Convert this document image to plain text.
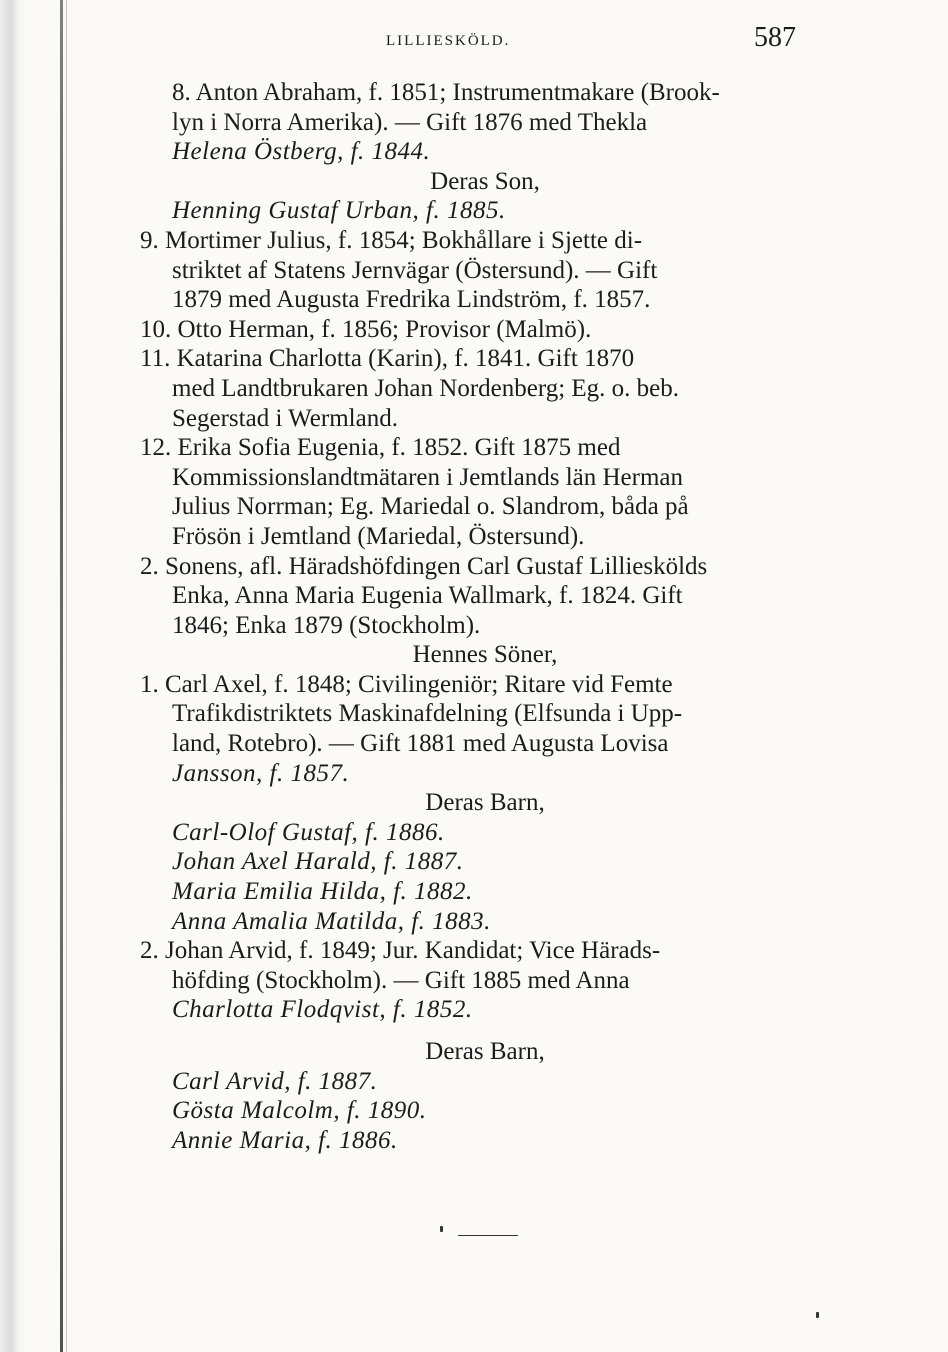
LILLIESKÖLD.	587

8. Anton Abraham, f. 1851; Instrumentmakare (Brook-

lyn i Norra Amerika). — Gift 1876 med Thekla

Helena Östberg, f. 1844.

Deras Son,

Henning Gustaf Urban, f. 1885.

9. Mortimer Julius, f. 1854; Bokhållare i Sjette di-

striktet af Statens Jernvägar (Östersund). — Gift

1879 med Augusta Fredrika Lindström, f. 1857.

10. Otto Herman, f. 1856; Provisor (Malmö).

11. Katarina Charlotta (Karin), f. 1841. Gift 1870

med Landtbrukaren Johan Nordenberg; Eg. o. beb.

Segerstad i Wermland.

12. Erika Sofia Eugenia, f. 1852. Gift 1875 med

Kommissionslandtmätaren i Jemtlands län Herman

Julius Norrman; Eg. Mariedal o. Slandrom, båda på

Frösön i Jemtland (Mariedal, Östersund).

2. Sonens, afl. Häradshöfdingen Carl Gustaf Lillieskölds

Enka, Anna Maria Eugenia Wallmark, f. 1824. Gift

1846; Enka 1879 (Stockholm).

Hennes Söner,

1. Carl Axel, f. 1848; Civilingeniör; Ritare vid Femte

Trafikdistriktets Maskinafdelning (Elfsunda i Upp-

land, Rotebro). — Gift 1881 med Augusta Lovisa

Jansson, f. 1857.

Deras Barn,

Carl-Olof Gustaf, f. 1886.

Johan Axel Harald, f. 1887.

Maria Emilia Hilda, f. 1882.

Anna Amalia Matilda, f. 1883.

2. Johan Arvid, f. 1849; Jur. Kandidat; Vice Härads-

höfding (Stockholm). — Gift 1885 med Anna

Charlotta Flodqvist, f. 1852.

Deras Barn,

Carl Arvid, f. 1887.

Gösta Malcolm, f. 1890.

Annie Maria, f. 1886.
